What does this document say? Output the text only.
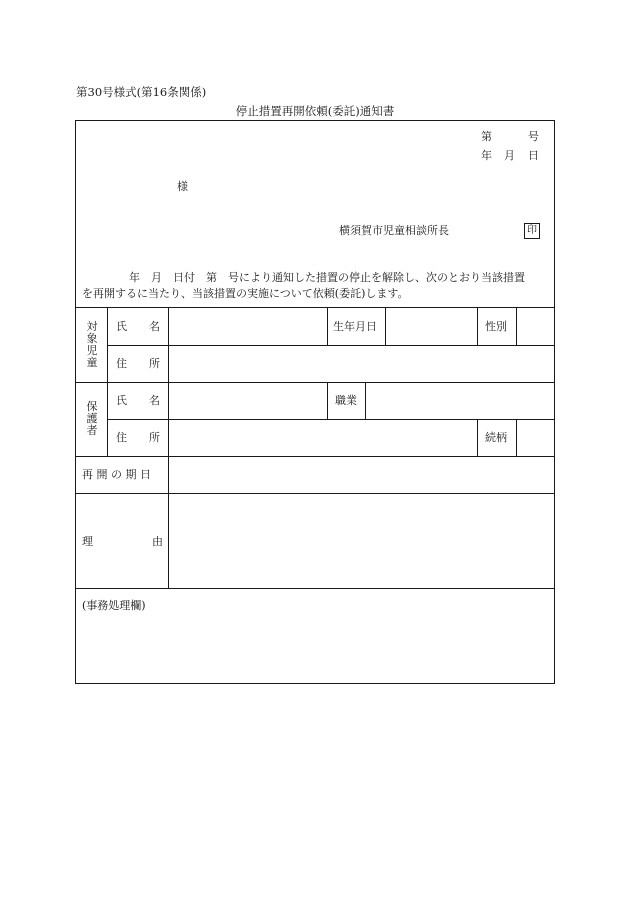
第30号様式(第16条関係)
停止措置再開依頼(委託)通知書
第	号
年 月 日
様
横須賀市児童相談所長	印
年　月　日付　第　号により通知した措置の停止を解除し、次のとおり当該措置
を再開するに当たり、当該措置の実施について依頼(委託)します。
対
象
児
童
氏　　名	生年月日	性別
住　　所
保
護
者
氏　　名	職業
住　　所	続柄
再 開 の 期 日
理	由
(事務処理欄)
